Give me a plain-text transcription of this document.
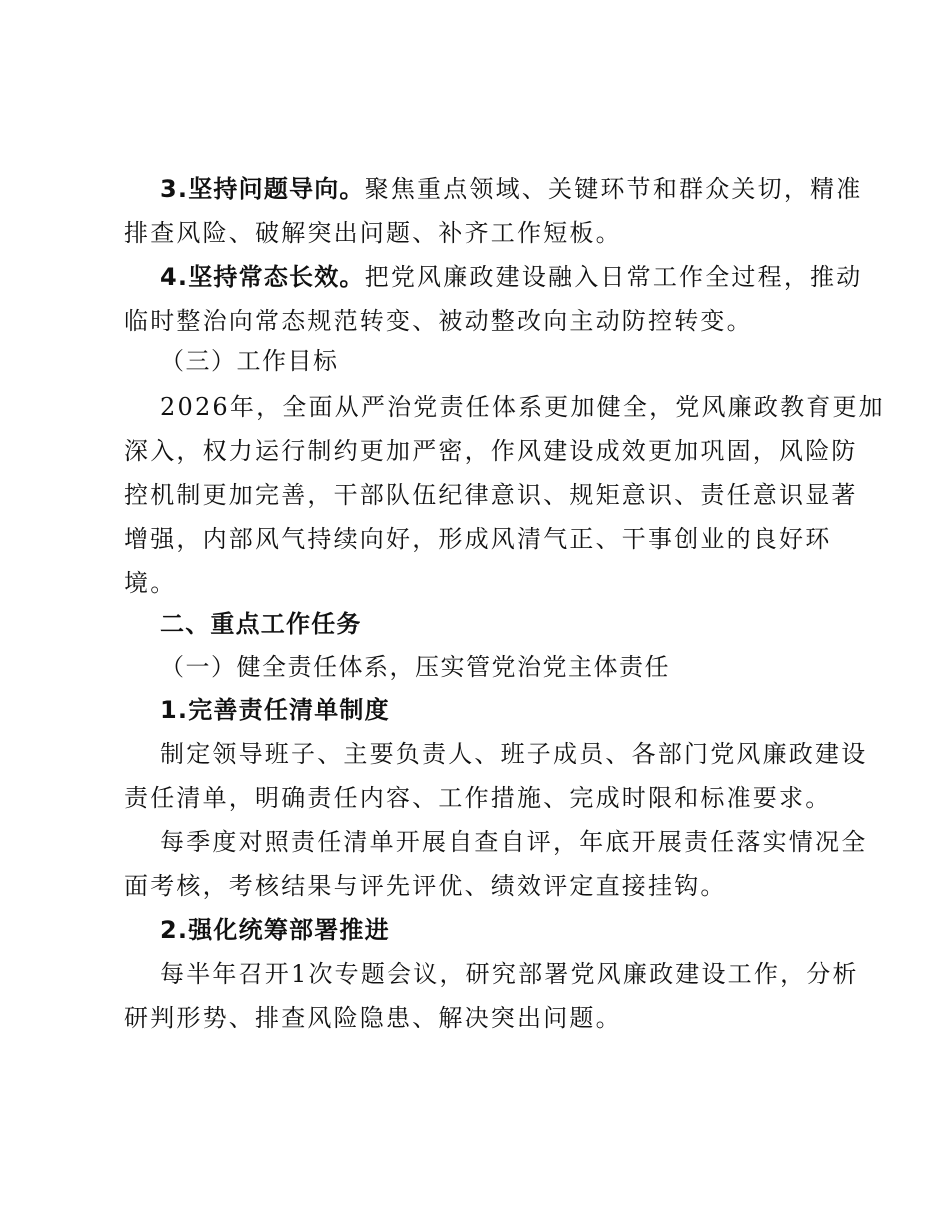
3.坚持问题导向。聚焦重点领域、关键环节和群众关切，精准
排查风险、破解突出问题、补齐工作短板。
4.坚持常态长效。把党风廉政建设融入日常工作全过程，推动
临时整治向常态规范转变、被动整改向主动防控转变。
（三）工作目标
2026年，全面从严治党责任体系更加健全，党风廉政教育更加
深入，权力运行制约更加严密，作风建设成效更加巩固，风险防
控机制更加完善，干部队伍纪律意识、规矩意识、责任意识显著
增强，内部风气持续向好，形成风清气正、干事创业的良好环
境。
二、重点工作任务
（一）健全责任体系，压实管党治党主体责任
1.完善责任清单制度
制定领导班子、主要负责人、班子成员、各部门党风廉政建设
责任清单，明确责任内容、工作措施、完成时限和标准要求。
每季度对照责任清单开展自查自评，年底开展责任落实情况全
面考核，考核结果与评先评优、绩效评定直接挂钩。
2.强化统筹部署推进
每半年召开1次专题会议，研究部署党风廉政建设工作，分析
研判形势、排查风险隐患、解决突出问题。
